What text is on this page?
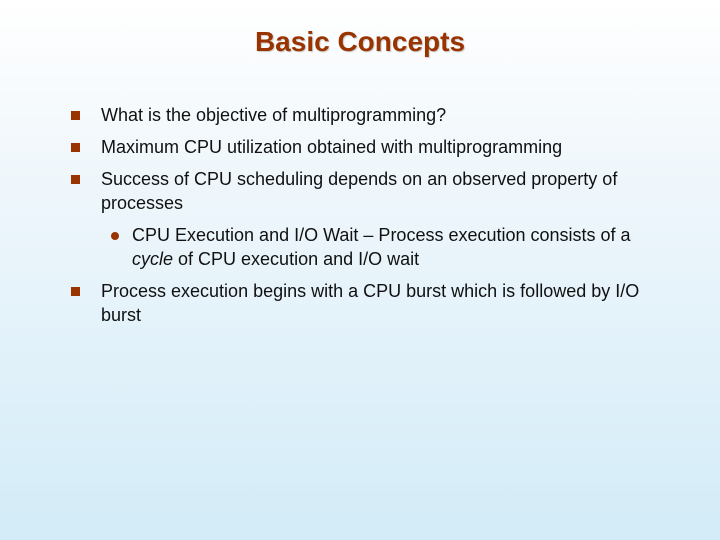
Basic Concepts
What is the objective of multiprogramming?
Maximum CPU utilization obtained with multiprogramming
Success of CPU scheduling depends on an observed property of processes
CPU Execution and I/O Wait – Process execution consists of a cycle of CPU execution and I/O wait
Process execution begins with a CPU burst which is followed by I/O burst
